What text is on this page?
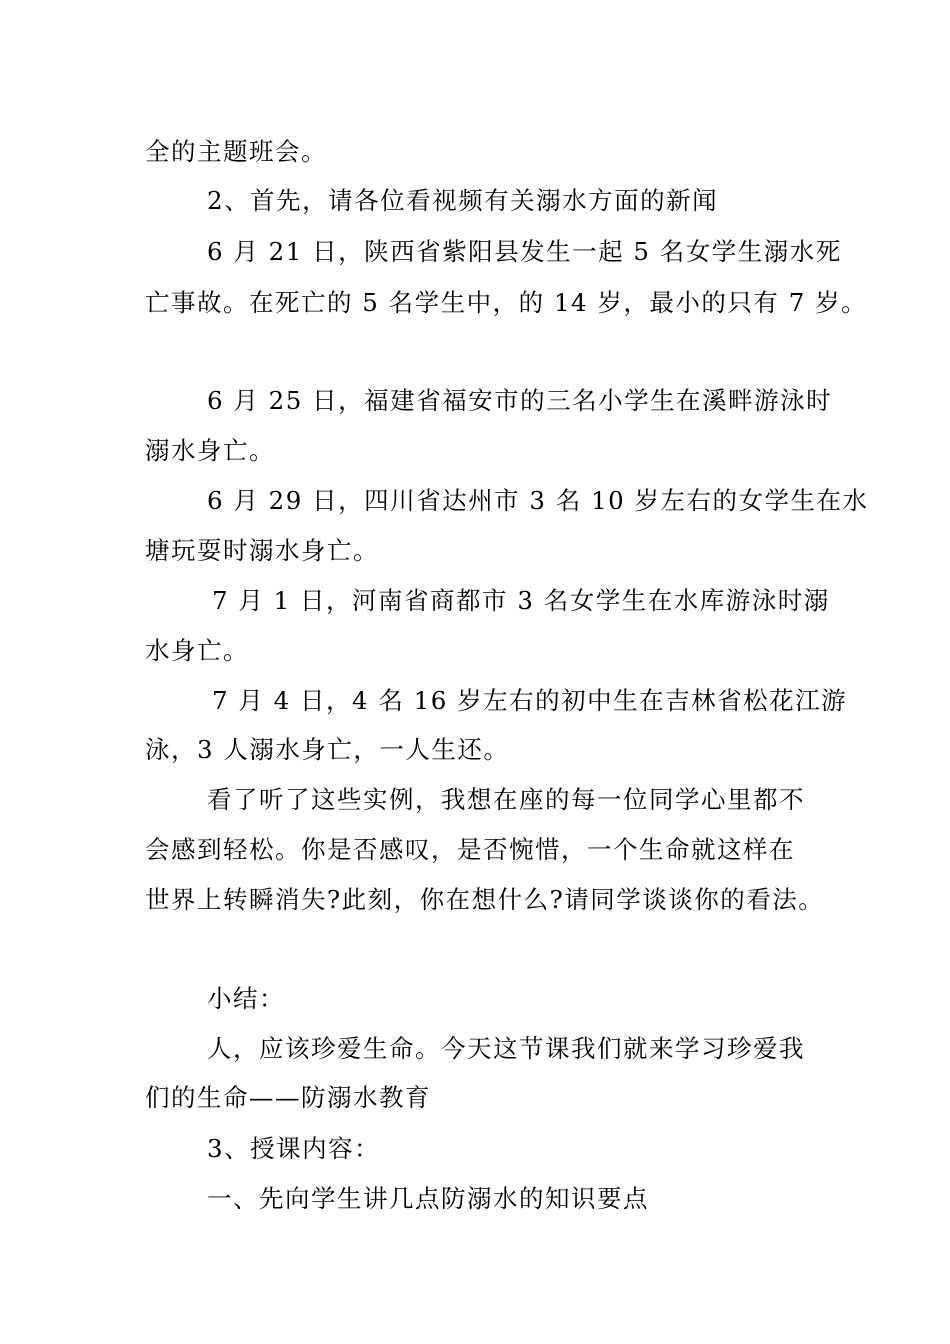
全的主题班会。
2、首先，请各位看视频有关溺水方面的新闻
6 月 21 日，陕西省紫阳县发生一起 5 名女学生溺水死
亡事故。在死亡的 5 名学生中，的 14 岁，最小的只有 7 岁。
6 月 25 日，福建省福安市的三名小学生在溪畔游泳时
溺水身亡。
6 月 29 日，四川省达州市 3 名 10 岁左右的女学生在水
塘玩耍时溺水身亡。
7 月 1 日，河南省商都市 3 名女学生在水库游泳时溺
水身亡。
7 月 4 日，4 名 16 岁左右的初中生在吉林省松花江游
泳，3 人溺水身亡，一人生还。
看了听了这些实例，我想在座的每一位同学心里都不
会感到轻松。你是否感叹，是否惋惜，一个生命就这样在
世界上转瞬消失?此刻，你在想什么?请同学谈谈你的看法。
小结：
人，应该珍爱生命。今天这节课我们就来学习珍爱我
们的生命——防溺水教育
3、授课内容：
一、先向学生讲几点防溺水的知识要点
